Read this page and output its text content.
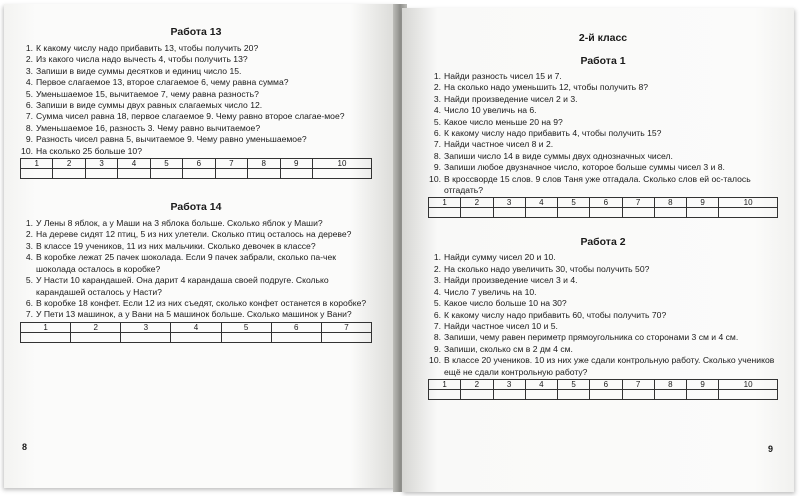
Работа 13
1. К какому числу надо прибавить 13, чтобы получить 20?
2. Из какого числа надо вычесть 4, чтобы получить 13?
3. Запиши в виде суммы десятков и единиц число 15.
4. Первое слагаемое 13, второе слагаемое 6, чему равна сумма?
5. Уменьшаемое 15, вычитаемое 7, чему равна разность?
6. Запиши в виде суммы двух равных слагаемых число 12.
7. Сумма чисел равна 18, первое слагаемое 9. Чему равно второе слагае-мое?
8. Уменьшаемое 16, разность 3. Чему равно вычитаемое?
9. Разность чисел равна 5, вычитаемое 9. Чему равно уменьшаемое?
10. На сколько 25 больше 10?
1	2	3	4	5	6	7	8	9	10

Работа 14
1. У Лены 8 яблок, а у Маши на 3 яблока больше. Сколько яблок у Маши?
2. На дереве сидят 12 птиц, 5 из них улетели. Сколько птиц осталось на дереве?
3. В классе 19 учеников, 11 из них мальчики. Сколько девочек в классе?
4. В коробке лежат 25 пачек шоколада. Если 9 пачек забрали, сколько па-чек шоколада осталось в коробке?
5. У Насти 10 карандашей. Она дарит 4 карандаша своей подруге. Сколько карандашей осталось у Насти?
6. В коробке 18 конфет. Если 12 из них съедят, сколько конфет останется в коробке?
7. У Пети 13 машинок, а у Вани на 5 машинок больше. Сколько машинок у Вани?
1	2	3	4	5	6	7

8
2-й класс
Работа 1
1. Найди разность чисел 15 и 7.
2. На сколько надо уменьшить 12, чтобы получить 8?
3. Найди произведение чисел 2 и 3.
4. Число 10 увеличь на 6.
5. Какое число меньше 20 на 9?
6. К какому числу надо прибавить 4, чтобы получить 15?
7. Найди частное чисел 8 и 2.
8. Запиши число 14 в виде суммы двух однозначных чисел.
9. Запиши любое двузначное число, которое больше суммы чисел 3 и 8.
10. В кроссворде 15 слов. 9 слов Таня уже отгадала. Сколько слов ей ос-талось отгадать?
1	2	3	4	5	6	7	8	9	10

Работа 2
1. Найди сумму чисел 20 и 10.
2. На сколько надо увеличить 30, чтобы получить 50?
3. Найди произведение чисел 3 и 4.
4. Число 7 увеличь на 10.
5. Какое число больше 10 на 30?
6. К какому числу надо прибавить 60, чтобы получить 70?
7. Найди частное чисел 10 и 5.
8. Запиши, чему равен периметр прямоугольника со сторонами 3 см и 4 см.
9. Запиши, сколько см в 2 дм 4 см.
10. В классе 20 учеников. 10 из них уже сдали контрольную работу. Сколько учеников ещё не сдали контрольную работу?
1	2	3	4	5	6	7	8	9	10

9
